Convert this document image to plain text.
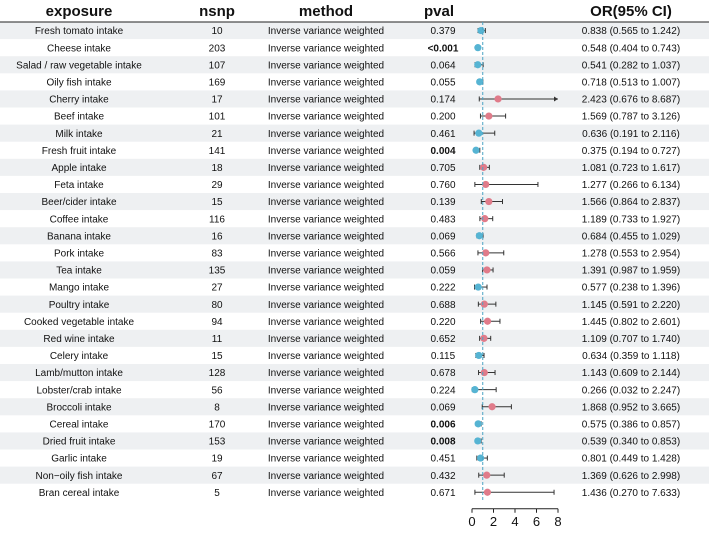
exposure	nsnp	method	pval	OR(95% CI)
Fresh tomato intake	10	Inverse variance weighted	0.379	0.838 (0.565 to 1.242)
Cheese intake	203	Inverse variance weighted	<0.001	0.548 (0.404 to 0.743)
Salad / raw vegetable intake	107	Inverse variance weighted	0.064	0.541 (0.282 to 1.037)
Oily fish intake	169	Inverse variance weighted	0.055	0.718 (0.513 to 1.007)
Cherry intake	17	Inverse variance weighted	0.174	2.423 (0.676 to 8.687)
Beef intake	101	Inverse variance weighted	0.200	1.569 (0.787 to 3.126)
Milk intake	21	Inverse variance weighted	0.461	0.636 (0.191 to 2.116)
Fresh fruit intake	141	Inverse variance weighted	0.004	0.375 (0.194 to 0.727)
Apple intake	18	Inverse variance weighted	0.705	1.081 (0.723 to 1.617)
Feta intake	29	Inverse variance weighted	0.760	1.277 (0.266 to 6.134)
Beer/cider intake	15	Inverse variance weighted	0.139	1.566 (0.864 to 2.837)
Coffee intake	116	Inverse variance weighted	0.483	1.189 (0.733 to 1.927)
Banana intake	16	Inverse variance weighted	0.069	0.684 (0.455 to 1.029)
Pork intake	83	Inverse variance weighted	0.566	1.278 (0.553 to 2.954)
Tea intake	135	Inverse variance weighted	0.059	1.391 (0.987 to 1.959)
Mango intake	27	Inverse variance weighted	0.222	0.577 (0.238 to 1.396)
Poultry intake	80	Inverse variance weighted	0.688	1.145 (0.591 to 2.220)
Cooked vegetable intake	94	Inverse variance weighted	0.220	1.445 (0.802 to 2.601)
Red wine intake	11	Inverse variance weighted	0.652	1.109 (0.707 to 1.740)
Celery intake	15	Inverse variance weighted	0.115	0.634 (0.359 to 1.118)
Lamb/mutton intake	128	Inverse variance weighted	0.678	1.143 (0.609 to 2.144)
Lobster/crab intake	56	Inverse variance weighted	0.224	0.266 (0.032 to 2.247)
Broccoli intake	8	Inverse variance weighted	0.069	1.868 (0.952 to 3.665)
Cereal intake	170	Inverse variance weighted	0.006	0.575 (0.386 to 0.857)
Dried fruit intake	153	Inverse variance weighted	0.008	0.539 (0.340 to 0.853)
Garlic intake	19	Inverse variance weighted	0.451	0.801 (0.449 to 1.428)
Non−oily fish intake	67	Inverse variance weighted	0.432	1.369 (0.626 to 2.998)
Bran cereal intake	5	Inverse variance weighted	0.671	1.436 (0.270 to 7.633)
0 2 4 6 8
